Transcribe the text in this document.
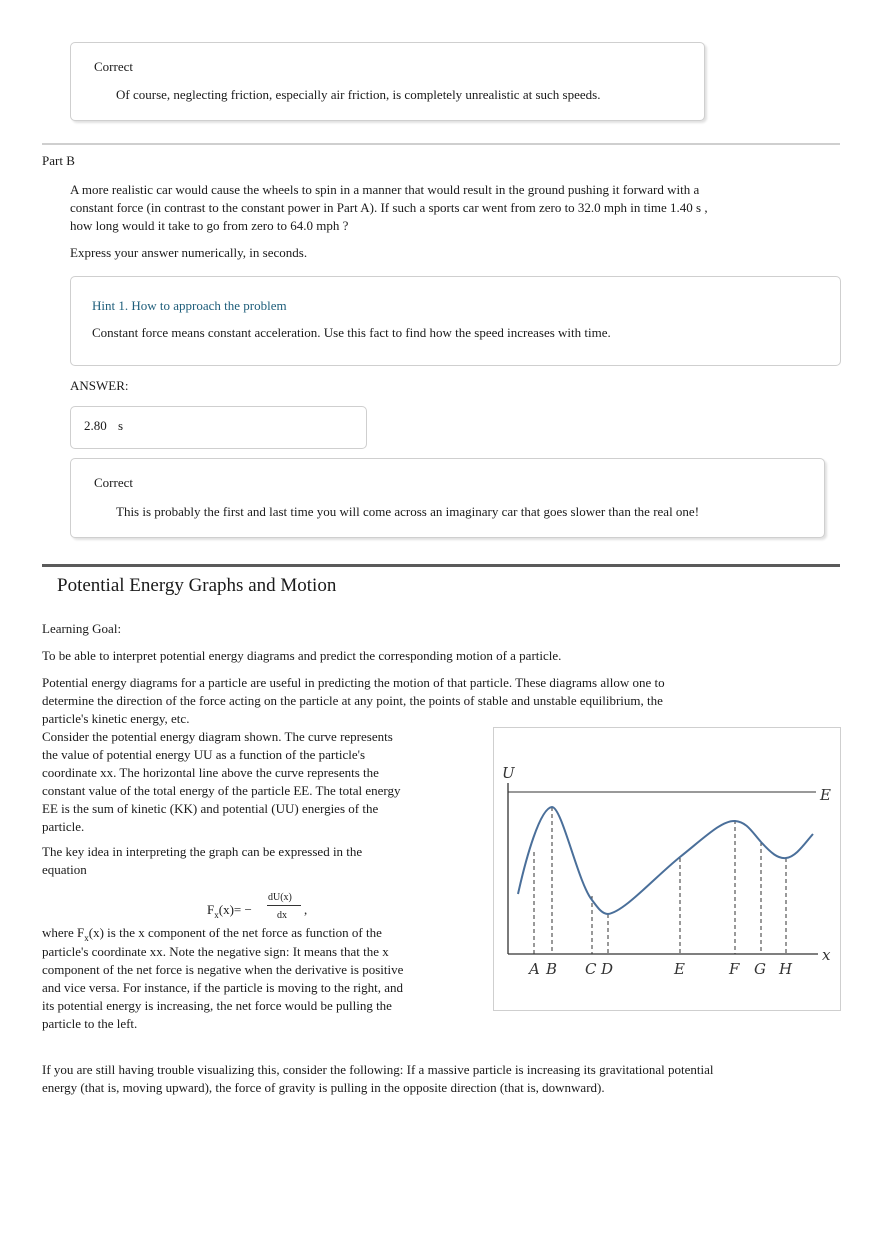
Correct
Of course, neglecting friction, especially air friction, is completely unrealistic at such speeds.
Part B
A more realistic car would cause the wheels to spin in a manner that would result in the ground pushing it forward with a
constant force (in contrast to the constant power in Part A). If such a sports car went from zero to 32.0 mph in time 1.40 s ,
how long would it take to go from zero to 64.0 mph ?
Express your answer numerically, in seconds.
Hint 1. How to approach the problem
Constant force means constant acceleration. Use this fact to find how the speed increases with time.
ANSWER:
2.80 s
Correct
This is probably the first and last time you will come across an imaginary car that goes slower than the real one!
Potential Energy Graphs and Motion
Learning Goal:
To be able to interpret potential energy diagrams and predict the corresponding motion of a particle.
Potential energy diagrams for a particle are useful in predicting the motion of that particle. These diagrams allow one to
determine the direction of the force acting on the particle at any point, the points of stable and unstable equilibrium, the
particle's kinetic energy, etc.
Consider the potential energy diagram shown. The curve represents
the value of potential energy UU as a function of the particle's
coordinate xx. The horizontal line above the curve represents the
constant value of the total energy of the particle EE. The total energy
EE is the sum of kinetic (KK) and potential (UU) energies of the
particle.
The key idea in interpreting the graph can be expressed in the
equation
$F_x(x)=$ −
dU(x)
dx ,
where $F_x(x)$ is the x component of the net force as function of the
particle's coordinate xx. Note the negative sign: It means that the x
component of the net force is negative when the derivative is positive
and vice versa. For instance, if the particle is moving to the right, and
its potential energy is increasing, the net force would be pulling the
particle to the left.
If you are still having trouble visualizing this, consider the following: If a massive particle is increasing its gravitational potential
energy (that is, moving upward), the force of gravity is pulling in the opposite direction (that is, downward).
U
E
x
A B C D	E	F G H
